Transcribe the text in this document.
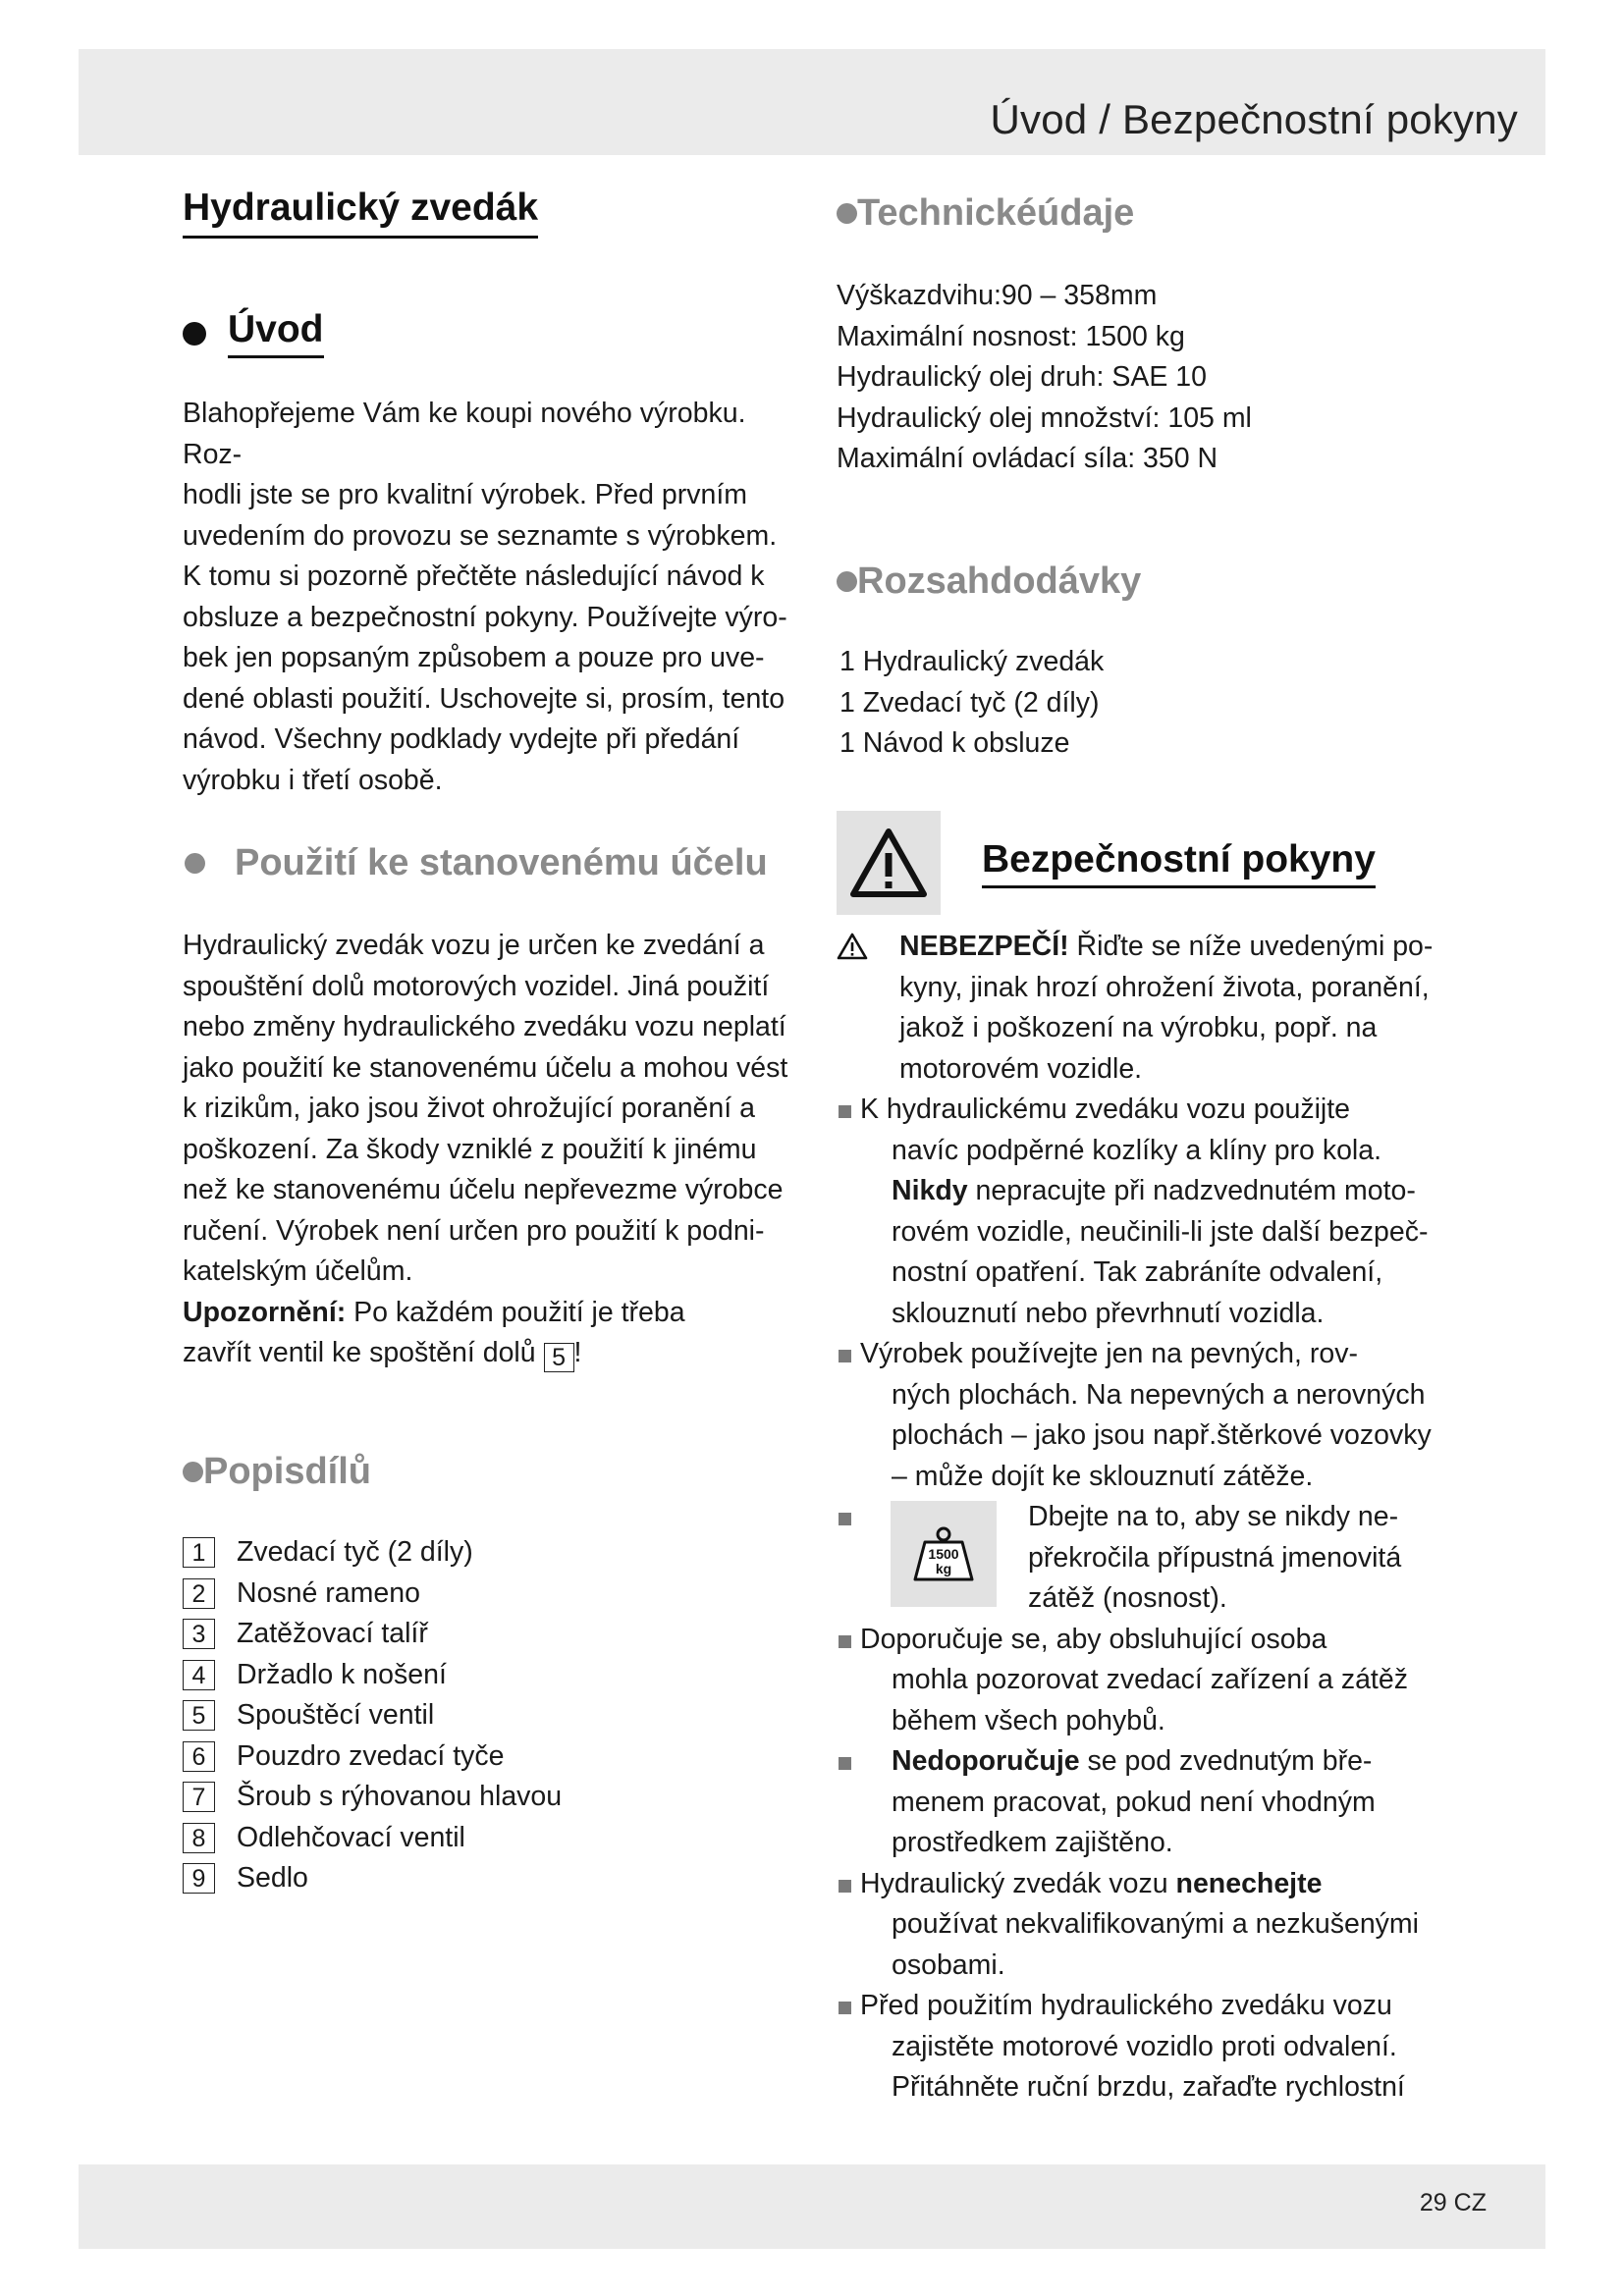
Úvod / Bezpečnostní pokyny
29 CZ
Hydraulický zvedák
Úvod

Blahopřejeme Vám ke koupi nového výrobku. Roz-

hodli jste se pro kvalitní výrobek. Před prvním

uvedením do provozu se seznamte s výrobkem.

K tomu si pozorně přečtěte následující návod k

obsluze a bezpečnostní pokyny. Používejte výro-

bek jen popsaným způsobem a pouze pro uve-

dené oblasti použití. Uschovejte si, prosím, tento

návod. Všechny podklady vydejte při předání

výrobku i třetí osobě.

Použití ke stanovenému účelu

Hydraulický zvedák vozu je určen ke zvedání a

spouštění dolů motorových vozidel. Jiná použití

nebo změny hydraulického zvedáku vozu neplatí

jako použití ke stanovenému účelu a mohou vést

k rizikům, jako jsou život ohrožující poranění a

poškození. Za škody vzniklé z použití k jinému

než ke stanovenému účelu nepřevezme výrobce

ručení. Výrobek není určen pro použití k podni-

katelským účelům.

Upozornění: Po každém použití je třeba

zavřít ventil ke spoštění dolů 5 !

Popisdílů
1	Zvedací tyč (2 díly)
2	Nosné rameno
3	Zatěžovací talíř
4	Držadlo k nošení
5	Spouštěcí ventil
6	Pouzdro zvedací tyče
7	Šroub s rýhovanou hlavou
8	Odlehčovací ventil
9	Sedlo
Technickéúdaje

Výškazdvihu:90 – 358mm

Maximální nosnost: 1500 kg

Hydraulický olej druh: SAE 10

Hydraulický olej množství: 105 ml

Maximální ovládací síla: 350 N

Rozsahdodávky

1 Hydraulický zvedák

1 Zvedací tyč (2 díly)

1 Návod k obsluze

Bezpečnostní pokyny
NEBEZPEČÍ! Řiďte se níže uvedenými po-
kyny, jinak hrozí ohrožení života, poranění,
jakož i poškození na výrobku, popř. na
motorovém vozidle.
K hydraulickému zvedáku vozu použijte
navíc podpěrné kozlíky a klíny pro kola.
Nikdy nepracujte při nadzvednutém moto-
rovém vozidle, neučinili-li jste další bezpeč-
nostní opatření. Tak zabráníte odvalení,
sklouznutí nebo převrhnutí vozidla.
Výrobek používejte jen na pevných, rov-
ných plochách. Na nepevných a nerovných
plochách – jako jsou např.štěrkové vozovky
– může dojít ke sklouznutí zátěže.
1500
kg
Dbejte na to, aby se nikdy ne-
překročila přípustná jmenovitá
zátěž (nosnost).
Doporučuje se, aby obsluhující osoba
mohla pozorovat zvedací zařízení a zátěž
během všech pohybů.
Nedoporučuje se pod zvednutým bře-
menem pracovat, pokud není vhodným
prostředkem zajištěno.
Hydraulický zvedák vozu nenechejte
používat nekvalifikovanými a nezkušenými
osobami.
Před použitím hydraulického zvedáku vozu
zajistěte motorové vozidlo proti odvalení.
Přitáhněte ruční brzdu, zařaďte rychlostní
